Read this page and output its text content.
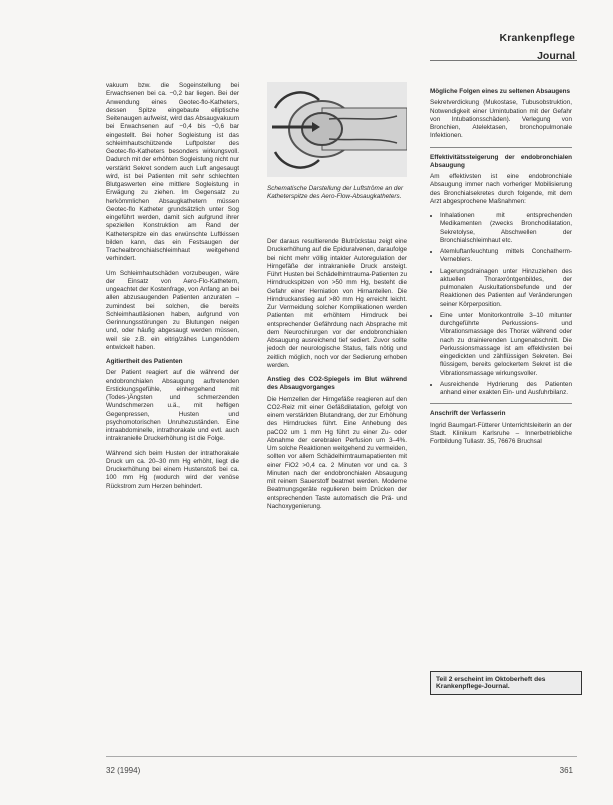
Krankenpflege
Journal

vakuum bzw. die Sogeinstellung bei Erwachsenen bei ca. −0,2 bar liegen. Bei der Anwendung eines Geotec-flo-Katheters, dessen Spitze eingebaute elliptische Seitenaugen aufweist, wird das Absaugvakuum bei Erwachsenen auf −0,4 bis −0,6 bar eingestellt. Bei hoher Sogleistung ist das schleimhautschützende Luftpolster des Geotec-flo-Katheters besonders wirkungsvoll. Dadurch mit der erhöhten Sogleistung nicht nur verstärkt Sekret sondern auch Luft angesaugt wird, ist bei Patienten mit sehr schlechten Blutgaswerten eine mittlere Sogleistung in Erwägung zu ziehen. Im Gegensatz zu herkömmlichen Absaugkathetern müssen Geotec-flo Katheter grundsätzlich unter Sog eingeführt werden, damit sich aufgrund ihrer speziellen Konstruktion am Rand der Katheterspitze ein das erwünschte Luftkissen bilden kann, das ein Festsaugen der Trachealbronchialschleimhaut weitgehend verhindert.

Um Schleimhautschäden vorzubeugen, wäre der Einsatz von Aero-Flo-Kathetern, ungeachtet der Kostenfrage, von Anfang an bei allen abzusaugenden Patienten anzuraten – zumindest bei solchen, die bereits Schleimhautläsionen haben, aufgrund von Gerinnungsstörungen zu Blutungen neigen und, oder häufig abgesaugt werden müssen, weil sie z.B. ein eitrig/zähes Lungenödem entwickelt haben.

Agitiertheit des Patienten

Der Patient reagiert auf die während der endobronchialen Absaugung auftretenden Erstickungsgefühle, einhergehend mit (Todes-)Ängsten und schmerzenden Wundschmerzen u.ä., mit heftigen Gegenpressen, Husten und psychomotorischen Unruhezuständen. Eine intraabdominelle, intrathorakale und evtl. auch intrakranielle Druckerhöhung ist die Folge.

Während sich beim Husten der intrathorakale Druck um ca. 20–30 mm Hg erhöht, liegt die Druckerhöhung bei einem Hustenstoß bei ca. 100 mm Hg (wodurch wird der venöse Rückstrom zum Herzen behindert.

Schematische Darstellung der Luftströme an der Katheterspitze des Aero-Flow-Absaugkatheters.

Der daraus resultierende Blutrückstau zeigt eine Druckerhöhung auf die Epiduralvenen, daraufolge bei nicht mehr völlig intakter Autoregulation der Hirngefäße der intrakranielle Druck ansteigt. Führt Husten bei Schädelhirntrauma-Patienten zu Hirndruckspitzen von >50 mm Hg, besteht die Gefahr einer Herniation von Hirnanteilen. Die Hirndruckanstieg auf >80 mm Hg erreicht leicht. Zur Vermeidung solcher Komplikationen werden Patienten mit erhöhtem Hirndruck bei entsprechender Gefährdung nach Absprache mit dem Neurochirurgen vor der endobronchialen Absaugung ausreichend tief sediert. Zuvor sollte jedoch der neurologische Status, falls nötig und zeitlich möglich, noch vor der Sedierung erhoben werden.

Anstieg des CO2-Spiegels im Blut während des Absaugvorganges

Die Hemzellen der Hirngefäße reagieren auf den CO2-Reiz mit einer Gefäßdilatation, gefolgt von einem verstärkten Blutandrang, der zur Erhöhung des Hirndruckes führt. Eine Anhebung des paCO2 um 1 mm Hg führt zu einer Zu- oder Abnahme der cerebralen Perfusion um 3–4%. Um solche Reaktionen weitgehend zu vermeiden, sollten vor allem Schädelhirntraumapatienten mit einer FiO2 >0,4 ca. 2 Minuten vor und ca. 3 Minuten nach der endobronchialen Absaugung mit reinem Sauerstoff beatmet werden. Moderne Beatmungsgeräte regulieren beim Drücken der entsprechenden Taste automatisch die Prä- und Nachoxygenierung.

Mögliche Folgen eines zu seltenen Absaugens

Sekretverdickung (Mukostase, Tubusobstruktion, Notwendigkeit einer Umintubation mit der Gefahr von Intubationsschäden). Verlegung von Bronchien, Atelektasen, bronchopulmonale Infektionen.

Effektivitätssteigerung der endobronchialen Absaugung

Am effektivsten ist eine endobronchiale Absaugung immer nach vorheriger Mobilisierung des Bronchialsekretes durch folgende, mit dem Arzt abgesprochene Maßnahmen:

• Inhalationen mit entsprechenden Medikamenten (zwecks Bronchodilatation, Sekretolyse, Abschwellen der Bronchialschleimhaut etc.
• Atemluftanfeuchtung mittels Conchatherm-Verneblers.
• Lagerungsdrainagen unter Hinzuziehen des aktuellen Thoraxröntgenbildes, der pulmonalen Auskultationsbefunde und der Reaktionen des Patienten auf Veränderungen seiner Körperposition.
• Eine unter Monitorkontrolle 3–10 mitunter durchgeführte Perkussions- und Vibrationsmassage des Thorax während oder nach zu drainierenden Lungenabschnitt. Die Perkussionsmassage ist am effektivsten bei eingedickten und zähflüssigen Sekreten. Bei flüssigem, bereits gelockertem Sekret ist die Vibrationsmassage wirkungsvoller.
• Ausreichende Hydrierung des Patienten anhand einer exakten Ein- und Ausfuhrbilanz.
Anschrift der Verfasserin

Ingrid Baumgart-Fütterer Unterrichtsleiterin an der Stadt. Klinikum Karlsruhe – Innerbetriebliche Fortbildung Tullastr. 35, 76676 Bruchsal

Teil 2 erscheint im Oktoberheft des Krankenpflege-Journal.
32 (1994)	361
